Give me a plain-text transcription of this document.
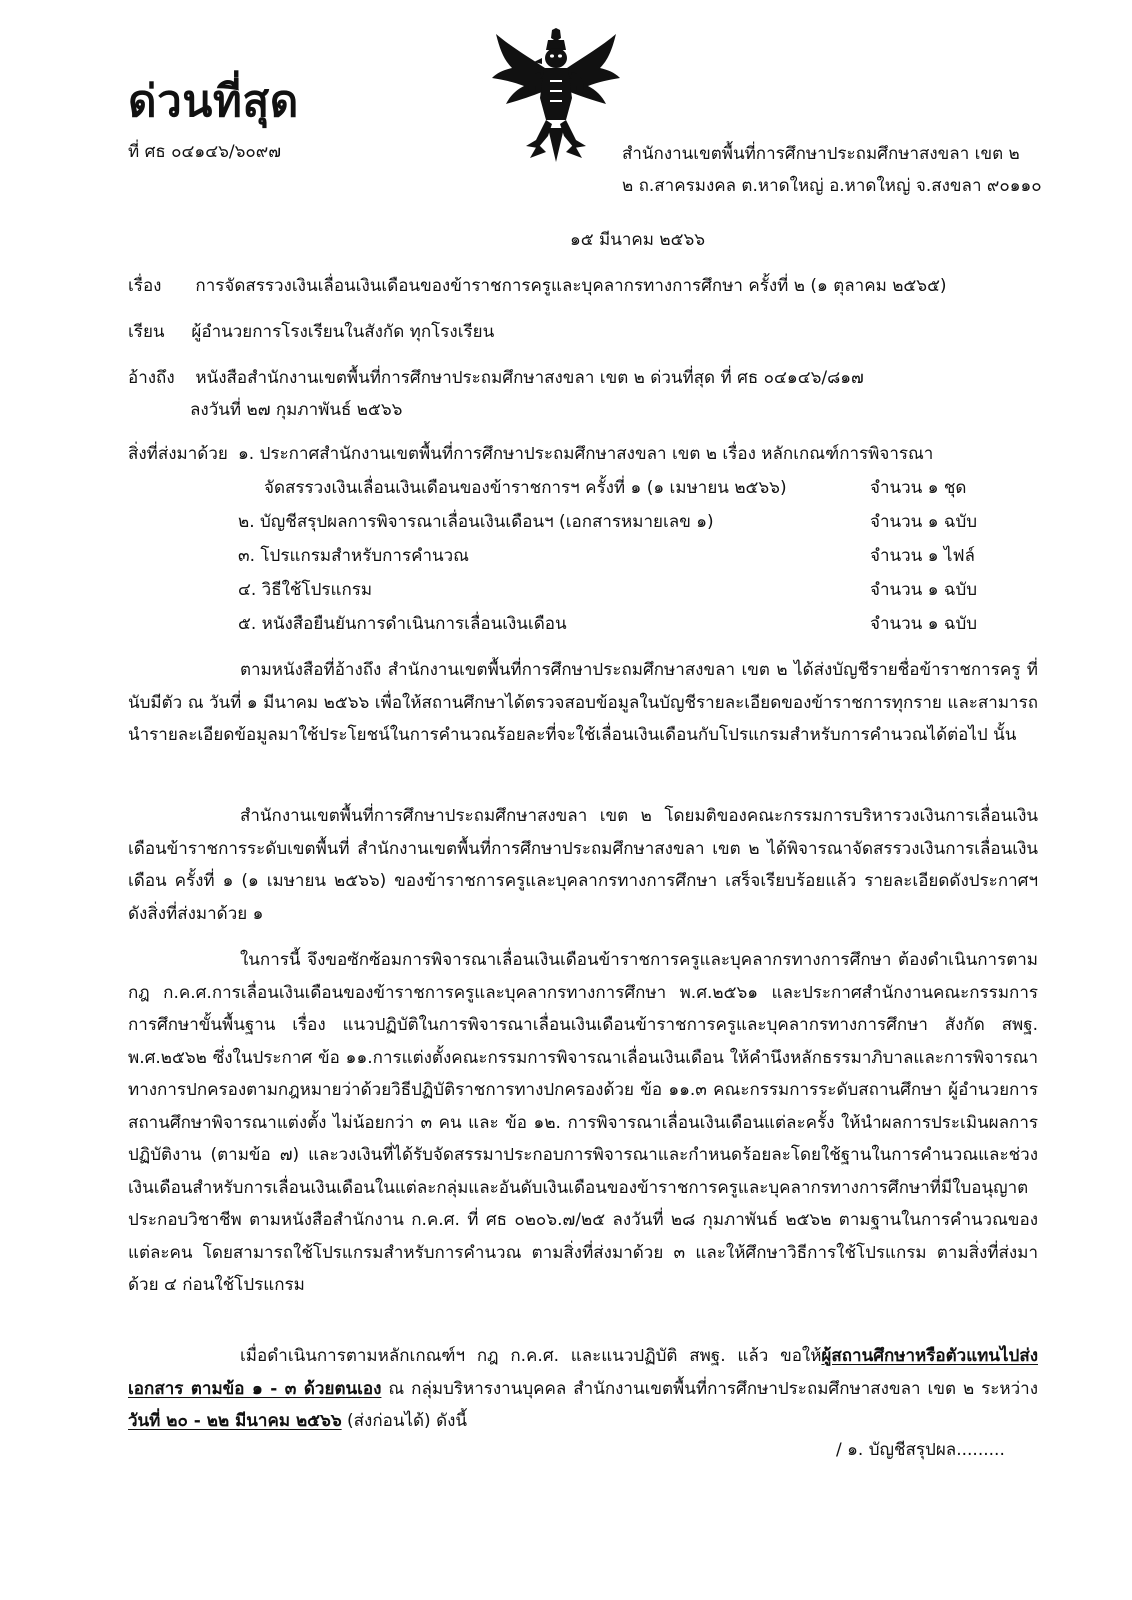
ด่วนที่สุด
ที่ ศธ ๐๔๑๔๖/๖๐๙๗	สำนักงานเขตพื้นที่การศึกษาประถมศึกษาสงขลา เขต ๒
๒ ถ.สาครมงคล ต.หาดใหญ่ อ.หาดใหญ่ จ.สงขลา ๙๐๑๑๐
๑๕ มีนาคม ๒๕๖๖
เรื่อง การจัดสรรวงเงินเลื่อนเงินเดือนของข้าราชการครูและบุคลากรทางการศึกษา ครั้งที่ ๒ (๑ ตุลาคม ๒๕๖๕)
เรียน ผู้อำนวยการโรงเรียนในสังกัด ทุกโรงเรียน
อ้างถึง หนังสือสำนักงานเขตพื้นที่การศึกษาประถมศึกษาสงขลา เขต ๒ ด่วนที่สุด ที่ ศธ ๐๔๑๔๖/๘๑๗
ลงวันที่ ๒๗ กุมภาพันธ์ ๒๕๖๖
สิ่งที่ส่งมาด้วย ๑. ประกาศสำนักงานเขตพื้นที่การศึกษาประถมศึกษาสงขลา เขต ๒ เรื่อง หลักเกณฑ์การพิจารณา
จัดสรรวงเงินเลื่อนเงินเดือนของข้าราชการฯ ครั้งที่ ๑ (๑ เมษายน ๒๕๖๖)	จำนวน ๑ ชุด
๒. บัญชีสรุปผลการพิจารณาเลื่อนเงินเดือนฯ (เอกสารหมายเลข ๑)	จำนวน ๑ ฉบับ
๓. โปรแกรมสำหรับการคำนวณ	จำนวน ๑ ไฟล์
๔. วิธีใช้โปรแกรม	จำนวน ๑ ฉบับ
๕. หนังสือยืนยันการดำเนินการเลื่อนเงินเดือน	จำนวน ๑ ฉบับ
ตามหนังสือที่อ้างถึง สำนักงานเขตพื้นที่การศึกษาประถมศึกษาสงขลา เขต ๒ ได้ส่งบัญชีรายชื่อข้าราชการครู ที่นับมีตัว ณ วันที่ ๑ มีนาคม ๒๕๖๖ เพื่อให้สถานศึกษาได้ตรวจสอบข้อมูลในบัญชีรายละเอียดของข้าราชการทุกราย และสามารถนำรายละเอียดข้อมูลมาใช้ประโยชน์ในการคำนวณร้อยละที่จะใช้เลื่อนเงินเดือนกับโปรแกรมสำหรับการคำนวณได้ต่อไป นั้น
สำนักงานเขตพื้นที่การศึกษาประถมศึกษาสงขลา เขต ๒ โดยมติของคณะกรรมการบริหารวงเงินการเลื่อนเงินเดือนข้าราชการระดับเขตพื้นที่ สำนักงานเขตพื้นที่การศึกษาประถมศึกษาสงขลา เขต ๒ ได้พิจารณาจัดสรรวงเงินการเลื่อนเงินเดือน ครั้งที่ ๑ (๑ เมษายน ๒๕๖๖) ของข้าราชการครูและบุคลากรทางการศึกษา เสร็จเรียบร้อยแล้ว รายละเอียดดังประกาศฯ ดังสิ่งที่ส่งมาด้วย ๑
ในการนี้ จึงขอซักซ้อมการพิจารณาเลื่อนเงินเดือนข้าราชการครูและบุคลากรทางการศึกษา ต้องดำเนินการตามกฎ ก.ค.ศ.การเลื่อนเงินเดือนของข้าราชการครูและบุคลากรทางการศึกษา พ.ศ.๒๕๖๑ และประกาศสำนักงานคณะกรรมการการศึกษาขั้นพื้นฐาน เรื่อง แนวปฏิบัติในการพิจารณาเลื่อนเงินเดือนข้าราชการครูและบุคลากรทางการศึกษา สังกัด สพฐ. พ.ศ.๒๕๖๒ ซึ่งในประกาศ ข้อ ๑๑.การแต่งตั้งคณะกรรมการพิจารณาเลื่อนเงินเดือน ให้คำนึงหลักธรรมาภิบาลและการพิจารณาทางการปกครองตามกฎหมายว่าด้วยวิธีปฏิบัติราชการทางปกครองด้วย ข้อ ๑๑.๓ คณะกรรมการระดับสถานศึกษา ผู้อำนวยการสถานศึกษาพิจารณาแต่งตั้ง ไม่น้อยกว่า ๓ คน และ ข้อ ๑๒. การพิจารณาเลื่อนเงินเดือนแต่ละครั้ง ให้นำผลการประเมินผลการปฏิบัติงาน (ตามข้อ ๗) และวงเงินที่ได้รับจัดสรรมาประกอบการพิจารณาและกำหนดร้อยละโดยใช้ฐานในการคำนวณและช่วงเงินเดือนสำหรับการเลื่อนเงินเดือนในแต่ละกลุ่มและอันดับเงินเดือนของข้าราชการครูและบุคลากรทางการศึกษาที่มีใบอนุญาตประกอบวิชาชีพ ตามหนังสือสำนักงาน ก.ค.ศ. ที่ ศธ ๐๒๐๖.๗/๒๕ ลงวันที่ ๒๘ กุมภาพันธ์ ๒๕๖๒ ตามฐานในการคำนวณของแต่ละคน โดยสามารถใช้โปรแกรมสำหรับการคำนวณ ตามสิ่งที่ส่งมาด้วย ๓ และให้ศึกษาวิธีการใช้โปรแกรม ตามสิ่งที่ส่งมาด้วย ๔ ก่อนใช้โปรแกรม
เมื่อดำเนินการตามหลักเกณฑ์ฯ กฎ ก.ค.ศ. และแนวปฏิบัติ สพฐ. แล้ว ขอให้ผู้สถานศึกษาหรือตัวแทนไปส่งเอกสาร ตามข้อ ๑ - ๓ ด้วยตนเอง ณ กลุ่มบริหารงานบุคคล สำนักงานเขตพื้นที่การศึกษาประถมศึกษาสงขลา เขต ๒ ระหว่างวันที่ ๒๐ - ๒๒ มีนาคม ๒๕๖๖ (ส่งก่อนได้) ดังนี้
/ ๑. บัญชีสรุปผล.........
